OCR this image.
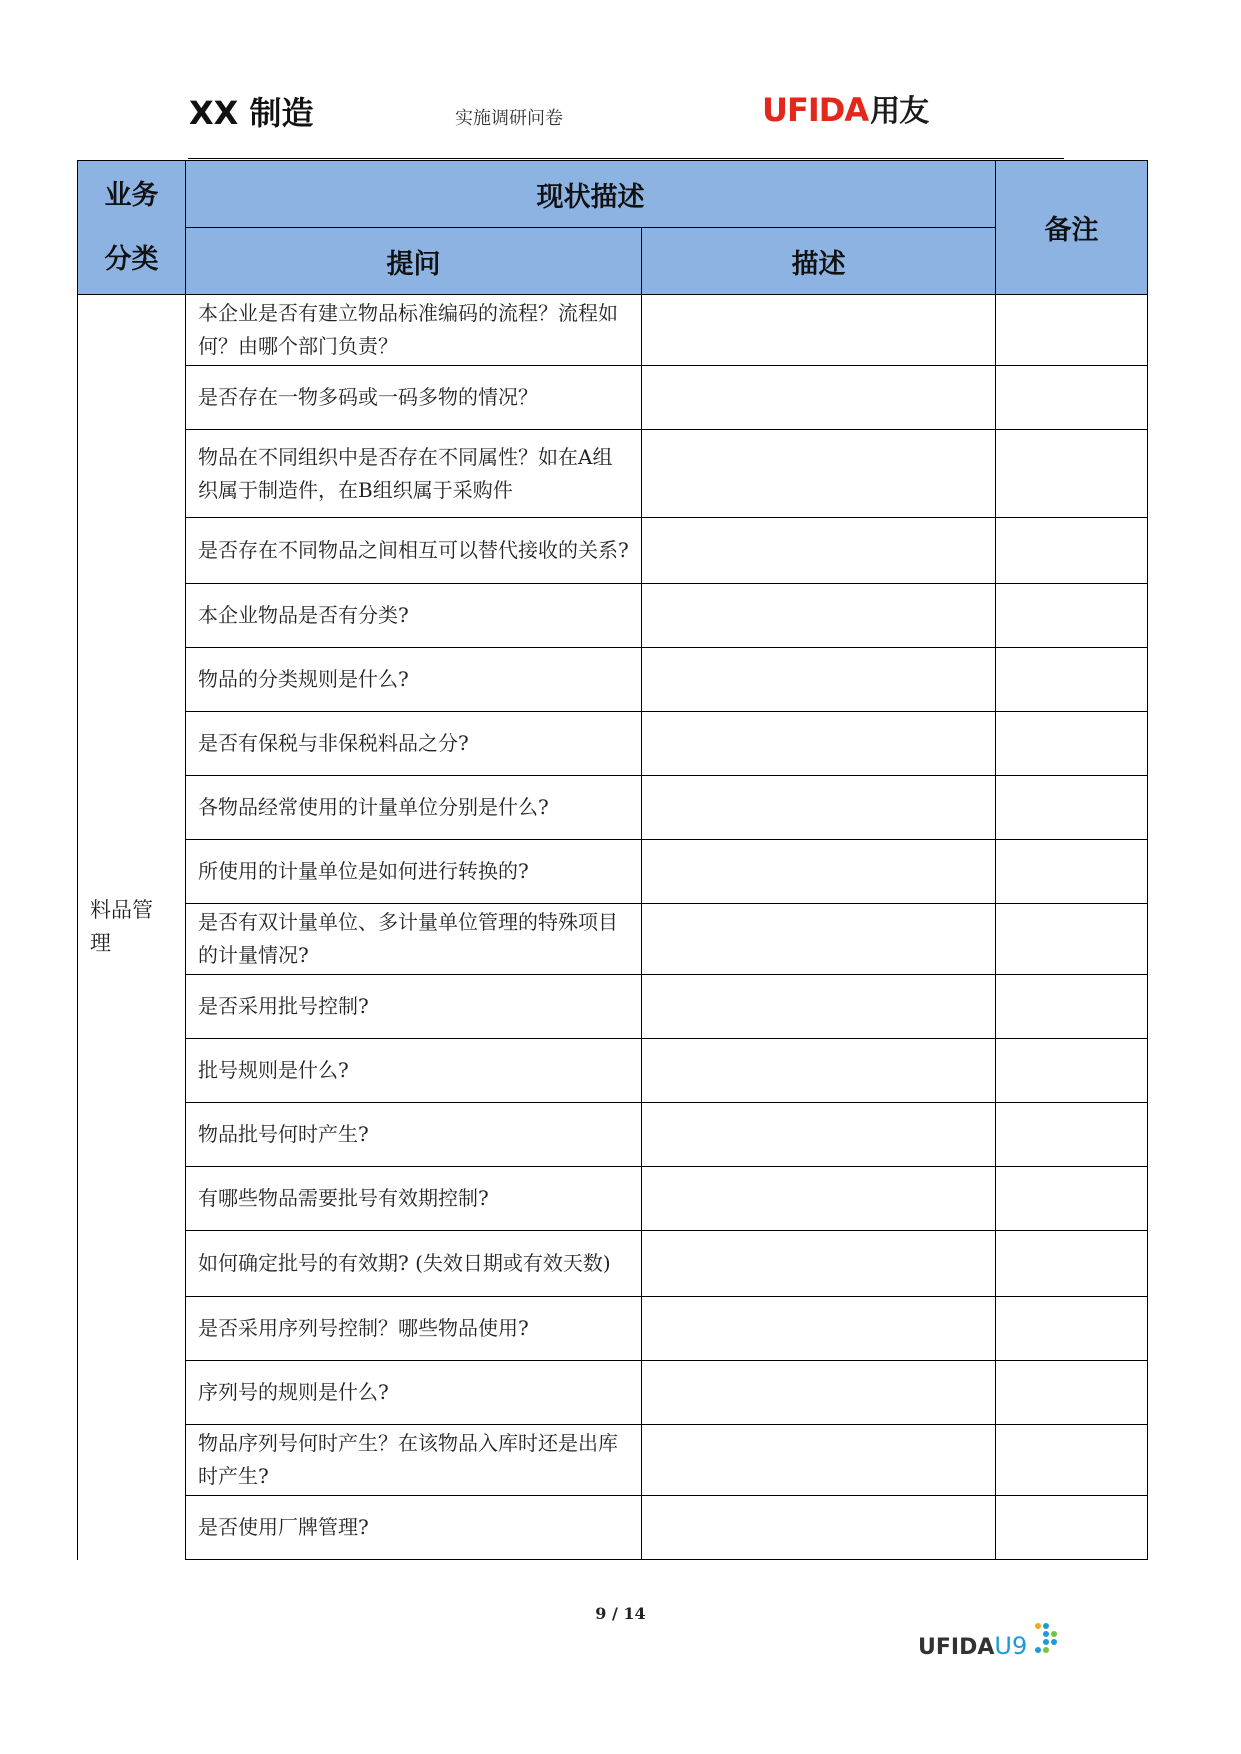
XX 制造	实施调研问卷	UFIDA用友
业务
分类	现状描述		备注
	提问	描述	
料品管理	本企业是否有建立物品标准编码的流程？流程如何？由哪个部门负责？		
	是否存在一物多码或一码多物的情况？		
	物品在不同组织中是否存在不同属性？如在A组织属于制造件，在B组织属于采购件		
	是否存在不同物品之间相互可以替代接收的关系?		
	本企业物品是否有分类?		
	物品的分类规则是什么?		
	是否有保税与非保税料品之分?		
	各物品经常使用的计量单位分别是什么?		
	所使用的计量单位是如何进行转换的?		
	是否有双计量单位、多计量单位管理的特殊项目的计量情况?		
	是否采用批号控制?		
	批号规则是什么?		
	物品批号何时产生?		
	有哪些物品需要批号有效期控制?		
	如何确定批号的有效期? (失效日期或有效天数)		
	是否采用序列号控制？哪些物品使用?		
	序列号的规则是什么?		
	物品序列号何时产生？在该物品入库时还是出库时产生?		
	是否使用厂牌管理?		
9 / 14
UFIDAU9
